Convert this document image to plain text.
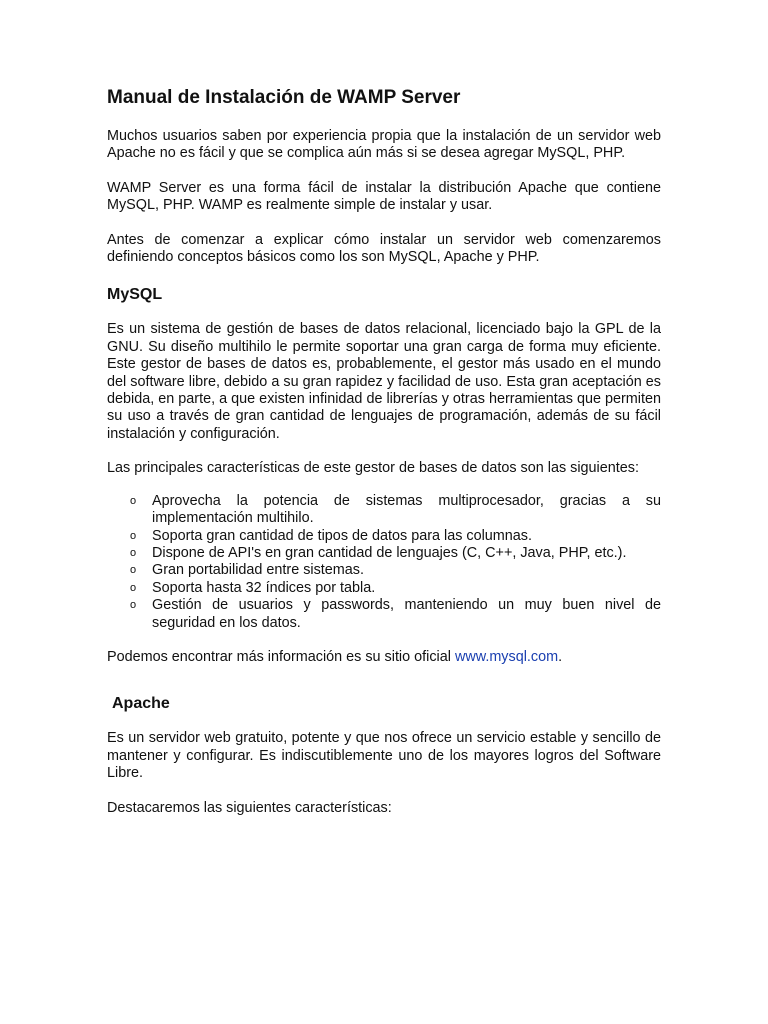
Manual de Instalación de WAMP Server

Muchos usuarios saben por experiencia propia que la instalación de un servidor web Apache no es fácil y que se complica aún más si se desea agregar MySQL, PHP.

WAMP Server es una forma fácil de instalar la distribución Apache que contiene MySQL, PHP. WAMP es realmente simple de instalar y usar.

Antes de comenzar a explicar cómo instalar un servidor web comenzaremos definiendo conceptos básicos como los son MySQL, Apache y PHP.

MySQL

Es un sistema de gestión de bases de datos relacional, licenciado bajo la GPL de la GNU. Su diseño multihilo le permite soportar una gran carga de forma muy eficiente. Este gestor de bases de datos es, probablemente, el gestor más usado en el mundo del software libre, debido a su gran rapidez y facilidad de uso. Esta gran aceptación es debida, en parte, a que existen infinidad de librerías y otras herramientas que permiten su uso a través de gran cantidad de lenguajes de programación, además de su fácil instalación y configuración.

Las principales características de este gestor de bases de datos son las siguientes:

o Aprovecha la potencia de sistemas multiprocesador, gracias a su implementación multihilo.
o Soporta gran cantidad de tipos de datos para las columnas.
o Dispone de API's en gran cantidad de lenguajes (C, C++, Java, PHP, etc.).
o Gran portabilidad entre sistemas.
o Soporta hasta 32 índices por tabla.
o Gestión de usuarios y passwords, manteniendo un muy buen nivel de seguridad en los datos.

Podemos encontrar más información es su sitio oficial www.mysql.com.

Apache

Es un servidor web gratuito, potente y que nos ofrece un servicio estable y sencillo de mantener y configurar. Es indiscutiblemente uno de los mayores logros del Software Libre.

Destacaremos las siguientes características:
